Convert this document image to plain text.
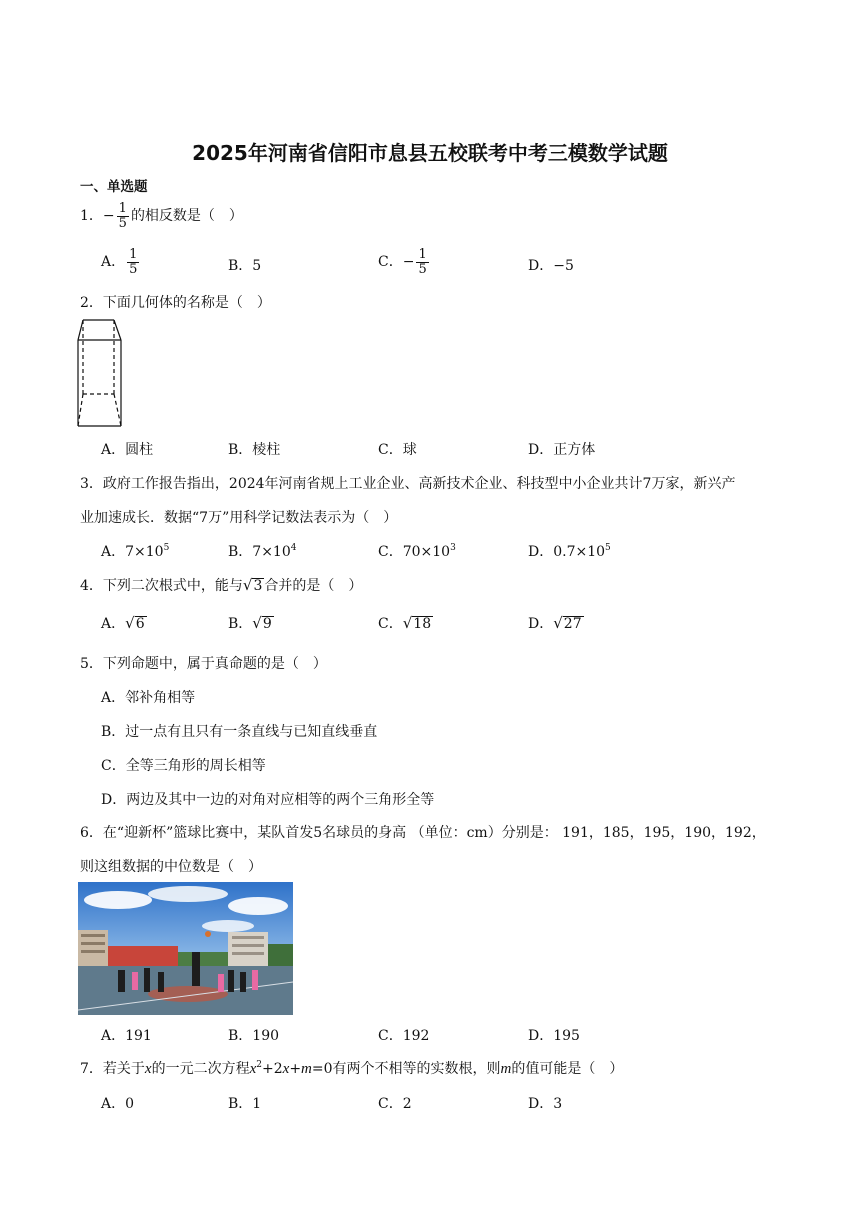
2025年河南省信阳市息县五校联考中考三模数学试题
一、单选题
1．− $\frac{1}{5}$ 的相反数是（　）
A． $\frac{1}{5}$	B．5	C．− $\frac{1}{5}$	D．−5
2．下面几何体的名称是（　）
A．圆柱	B．棱柱	C．球	D．正方体
3．政府工作报告指出，2024年河南省规上工业企业、高新技术企业、科技型中小企业共计7万家，新兴产
业加速成长．数据“7万”用科学记数法表示为（　）
A．$7\times 10^5$	B．$7\times 10^4$	C．$70\times 10^3$	D．$0.7\times 10^5$
4．下列二次根式中，能与√3 合并的是（　）
A．√6	B．√9	C．√18	D．√27
5．下列命题中，属于真命题的是（　）
A．邻补角相等
B．过一点有且只有一条直线与已知直线垂直
C．全等三角形的周长相等
D．两边及其中一边的对角对应相等的两个三角形全等
6．在“迎新杯”篮球比赛中，某队首发5名球员的身高 （单位：cm）分别是： 191，185，195，190，192，
则这组数据的中位数是（　）
A．191	B．190	C．192	D．195
7．若关于x的一元二次方程$x^2+2x+m=0$有两个不相等的实数根，则m的值可能是（　）
A．0	B．1	C．2	D．3
